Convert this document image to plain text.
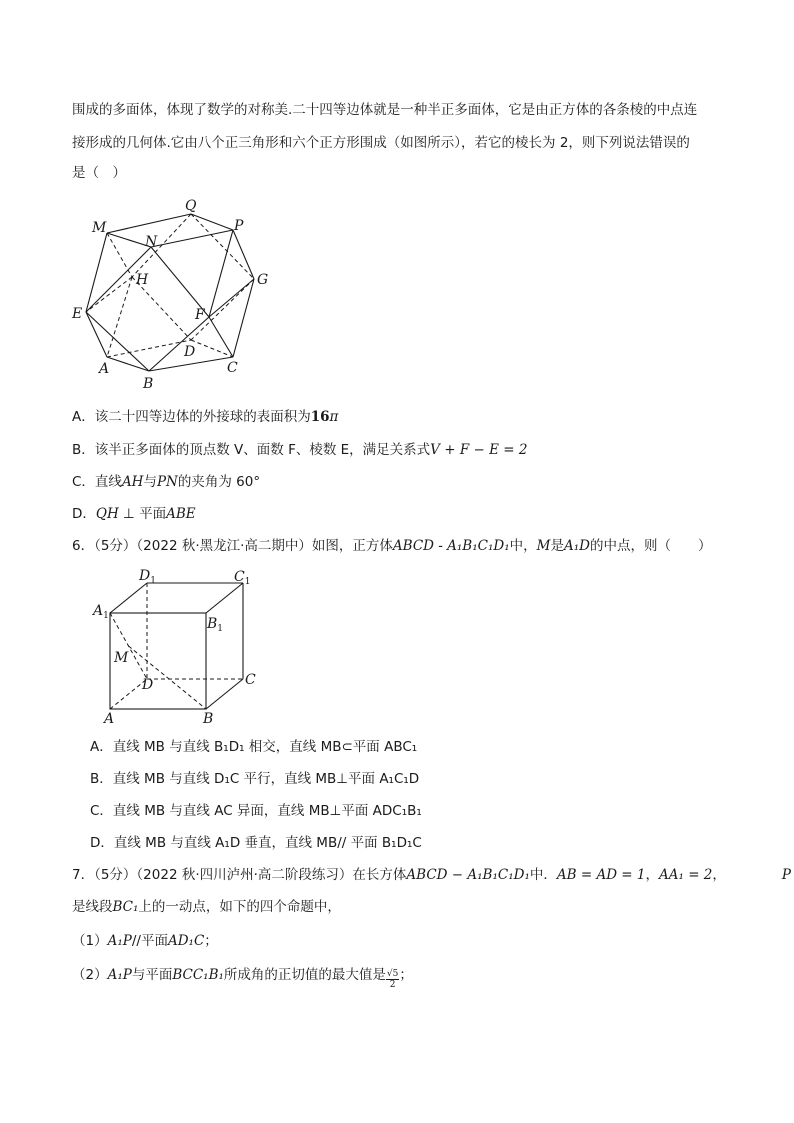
围成的多面体，体现了数学的对称美.二十四等边体就是一种半正多面体，它是由正方体的各条棱的中点连
接形成的几何体.它由八个正三角形和六个正方形围成（如图所示），若它的棱长为 2，则下列说法错误的
是（　）
M
Q
P
N
H	G
E	F
D
A
B
C
A．该二十四等边体的外接球的表面积为16π
B．该半正多面体的顶点数 V、面数 F、棱数 E，满足关系式V + F − E = 2
C．直线AH与PN的夹角为 60°
D．QH ⊥ 平面ABE
6．（5分）（2022 秋·黑龙江·高二期中）如图，正方体ABCD - A₁B₁C₁D₁中，M是A₁D的中点，则（　　）
$D_1$	$C_1$
$A_1$	$B_1$
M
D	C
A	B
A．直线 MB 与直线 B₁D₁ 相交，直线 MB⊂平面 ABC₁
B．直线 MB 与直线 D₁C 平行，直线 MB⊥平面 A₁C₁D
C．直线 MB 与直线 AC 异面，直线 MB⊥平面 ADC₁B₁
D．直线 MB 与直线 A₁D 垂直，直线 MB// 平面 B₁D₁C
7．（5分）（2022 秋·四川泸州·高二阶段练习）在长方体ABCD − A₁B₁C₁D₁中．AB = AD = 1，AA₁ = 2，	P
是线段BC₁上的一动点，如下的四个命题中，
（1）A₁P//平面AD₁C；
（2）A₁P与平面BCC₁B₁所成角的正切值的最大值是 $\frac{√5}{2}$ ；
